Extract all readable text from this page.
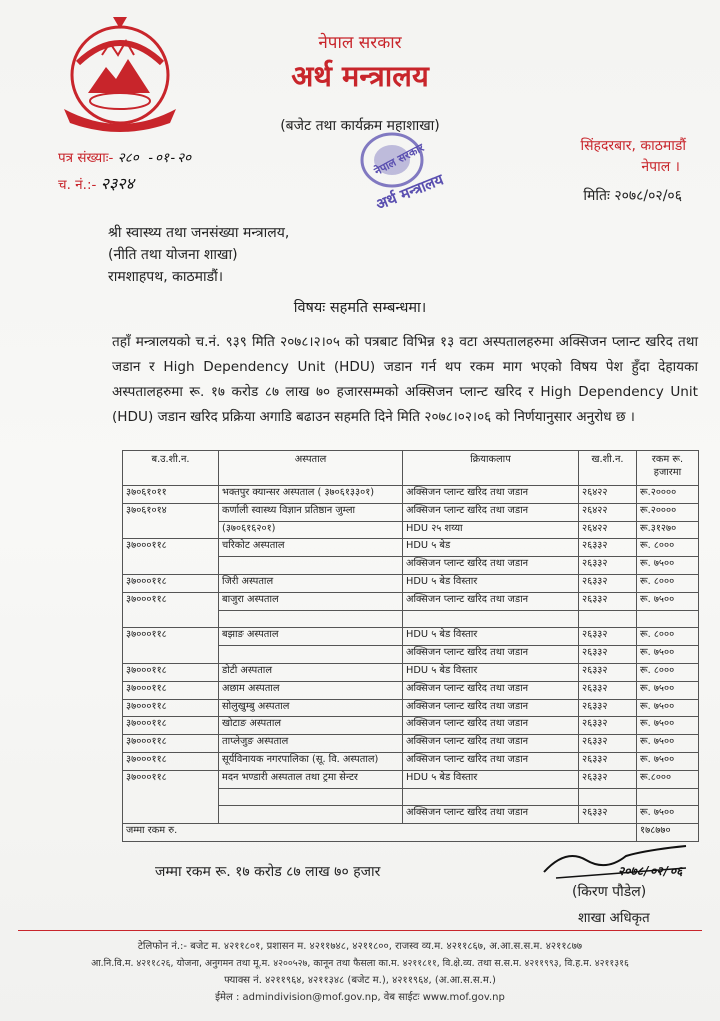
नेपाल सरकार
अर्थ मन्त्रालय
(बजेट तथा कार्यक्रम महाशाखा)
पत्र संख्याः- २८० -०१-२०
च. नं.:- २३२४
नेपाल सरकार
अर्थ मन्त्रालय
सिंहदरबार, काठमाडौं
नेपाल ।
मितिः २०७८/०२/०६
श्री स्वास्थ्य तथा जनसंख्या मन्त्रालय,
(नीति तथा योजना शाखा)
रामशाहपथ, काठमाडौं।
विषयः सहमति सम्बन्धमा।
तहाँ मन्त्रालयको च.नं. ९३९ मिति २०७८।२।०५ को पत्रबाट विभिन्न १३ वटा अस्पतालहरुमा अक्सिजन प्लान्ट खरिद तथा जडान र High Dependency Unit (HDU) जडान गर्न थप रकम माग भएको विषय पेश हुँदा देहायका अस्पतालहरुमा रू. १७ करोड ८७ लाख ७० हजारसम्मको अक्सिजन प्लान्ट खरिद र High Dependency Unit (HDU) जडान खरिद प्रक्रिया अगाडि बढाउन सहमति दिने मिति २०७८।०२।०६ को निर्णयानुसार अनुरोध छ ।
ब.उ.शी.न.	अस्पताल	क्रियाकलाप	ख.शी.न.	रकम रू. हजारमा
३७०६१०११	भक्तपुर क्यान्सर अस्पताल ( ३७०६१३३०१)	अक्सिजन प्लान्ट खरिद तथा जडान	२६४२२	रू.२००००
३७०६१०१४	कर्णाली स्वास्थ्य विज्ञान प्रतिष्ठान जुम्ला	अक्सिजन प्लान्ट खरिद तथा जडान	२६४२२	रू.२००००
	(३७०६१६२०१)	HDU २५ शय्या	२६४२२	रू.३१२७०
३७०००११८	चरिकोट अस्पताल	HDU ५ बेड	२६३३२	रू. ८०००
		अक्सिजन प्लान्ट खरिद तथा जडान	२६३३२	रू. ७५००
३७०००११८	जिरी अस्पताल	HDU ५ बेड विस्तार	२६३३२	रू. ८०००
३७०००११८	बाजुरा अस्पताल	अक्सिजन प्लान्ट खरिद तथा जडान	२६३३२	रू. ७५००

३७०००११८	बझाङ अस्पताल	HDU ५ बेड विस्तार	२६३३२	रू. ८०००
		अक्सिजन प्लान्ट खरिद तथा जडान	२६३३२	रू. ७५००
३७०००११८	डोटी अस्पताल	HDU ५ बेड विस्तार	२६३३२	रू. ८०००
३७०००११८	अछाम अस्पताल	अक्सिजन प्लान्ट खरिद तथा जडान	२६३३२	रू. ७५००
३७०००११८	सोलुखुम्बु अस्पताल	अक्सिजन प्लान्ट खरिद तथा जडान	२६३३२	रू. ७५००
३७०००११८	खोटाङ अस्पताल	अक्सिजन प्लान्ट खरिद तथा जडान	२६३३२	रू. ७५००
३७०००११८	ताप्लेजुङ अस्पताल	अक्सिजन प्लान्ट खरिद तथा जडान	२६३३२	रू. ७५००
३७०००११८	सूर्यविनायक नगरपालिका (सू. वि. अस्पताल)	अक्सिजन प्लान्ट खरिद तथा जडान	२६३३२	रू. ७५००
३७०००११८	मदन भण्डारी अस्पताल तथा ट्रमा सेन्टर	HDU ५ बेड विस्तार	२६३३२	रू.८०००

		अक्सिजन प्लान्ट खरिद तथा जडान	२६३३२	रू. ७५००
जम्मा रकम रु.				१७८७७०
जम्मा रकम रू. १७ करोड ८७ लाख ७० हजार	२०७८/०२/०६
(किरण पौडेल)
शाखा अधिकृत
टेलिफोन नं.:- बजेट म. ४२११८०१, प्रशासन म. ४२११७४८, ४२११८००, राजस्व व्य.म. ४२११८६७, अ.आ.स.स.म. ४२११८७७
आ.नि.वि.म. ४२११८२६, योजना, अनुगमन तथा मू.म. ४२००५२७, कानून तथा फैसला का.म. ४२११८११, वि.क्षे.व्य. तथा स.स.म. ४२११९९३, वि.ह.म. ४२११३१६
फ्याक्स नं. ४२११९६४, ४२११३४८ (बजेट म.), ४२११९६४, (अ.आ.स.स.म.)
ईमेल : admindivision@mof.gov.np, वेब साईटः www.mof.gov.np
